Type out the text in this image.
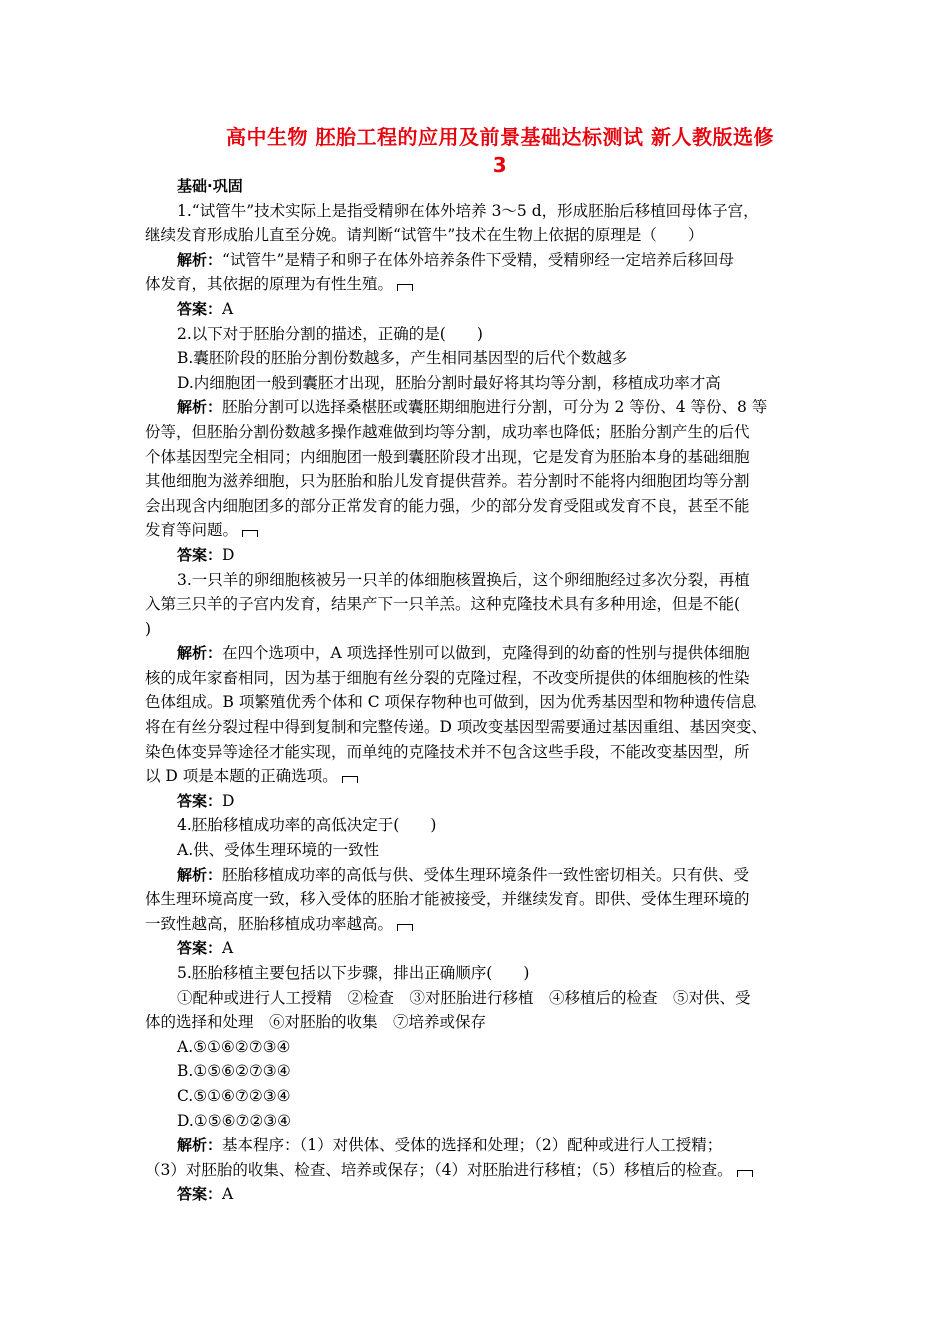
高中生物 胚胎工程的应用及前景基础达标测试 新人教版选修
3
基础·巩固
1.“试管牛”技术实际上是指受精卵在体外培养 3～5 d，形成胚胎后移植回母体子宫，
继续发育形成胎儿直至分娩。请判断“试管牛”技术在生物上依据的原理是（　　）
解析：“试管牛”是精子和卵子在体外培养条件下受精，受精卵经一定培养后移回母
体发育，其依据的原理为有性生殖。
答案：A
2.以下对于胚胎分割的描述，正确的是(　　)
B.囊胚阶段的胚胎分割份数越多，产生相同基因型的后代个数越多
D.内细胞团一般到囊胚才出现，胚胎分割时最好将其均等分割，移植成功率才高
解析：胚胎分割可以选择桑椹胚或囊胚期细胞进行分割，可分为 2 等份、4 等份、8 等
份等，但胚胎分割份数越多操作越难做到均等分割，成功率也降低；胚胎分割产生的后代
个体基因型完全相同；内细胞团一般到囊胚阶段才出现，它是发育为胚胎本身的基础细胞
其他细胞为滋养细胞，只为胚胎和胎儿发育提供营养。若分割时不能将内细胞团均等分割
会出现含内细胞团多的部分正常发育的能力强，少的部分发育受阻或发育不良，甚至不能
发育等问题。
答案：D
3.一只羊的卵细胞核被另一只羊的体细胞核置换后，这个卵细胞经过多次分裂，再植
入第三只羊的子宫内发育，结果产下一只羊羔。这种克隆技术具有多种用途，但是不能(
)
解析：在四个选项中，A 项选择性别可以做到，克隆得到的幼畜的性别与提供体细胞
核的成年家畜相同，因为基于细胞有丝分裂的克隆过程，不改变所提供的体细胞核的性染
色体组成。B 项繁殖优秀个体和 C 项保存物种也可做到，因为优秀基因型和物种遗传信息
将在有丝分裂过程中得到复制和完整传递。D 项改变基因型需要通过基因重组、基因突变、
染色体变异等途径才能实现，而单纯的克隆技术并不包含这些手段，不能改变基因型，所
以 D 项是本题的正确选项。
答案：D
4.胚胎移植成功率的高低决定于(　　)
A.供、受体生理环境的一致性
解析：胚胎移植成功率的高低与供、受体生理环境条件一致性密切相关。只有供、受
体生理环境高度一致，移入受体的胚胎才能被接受，并继续发育。即供、受体生理环境的
一致性越高，胚胎移植成功率越高。
答案：A
5.胚胎移植主要包括以下步骤，排出正确顺序(　　)
①配种或进行人工授精　②检查　③对胚胎进行移植　④移植后的检查　⑤对供、受
体的选择和处理　⑥对胚胎的收集　⑦培养或保存
A.⑤①⑥②⑦③④
B.①⑤⑥②⑦③④
C.⑤①⑥⑦②③④
D.①⑤⑥⑦②③④
解析：基本程序：（1）对供体、受体的选择和处理；（2）配种或进行人工授精；
（3）对胚胎的收集、检查、培养或保存；（4）对胚胎进行移植；（5）移植后的检查。
答案：A
